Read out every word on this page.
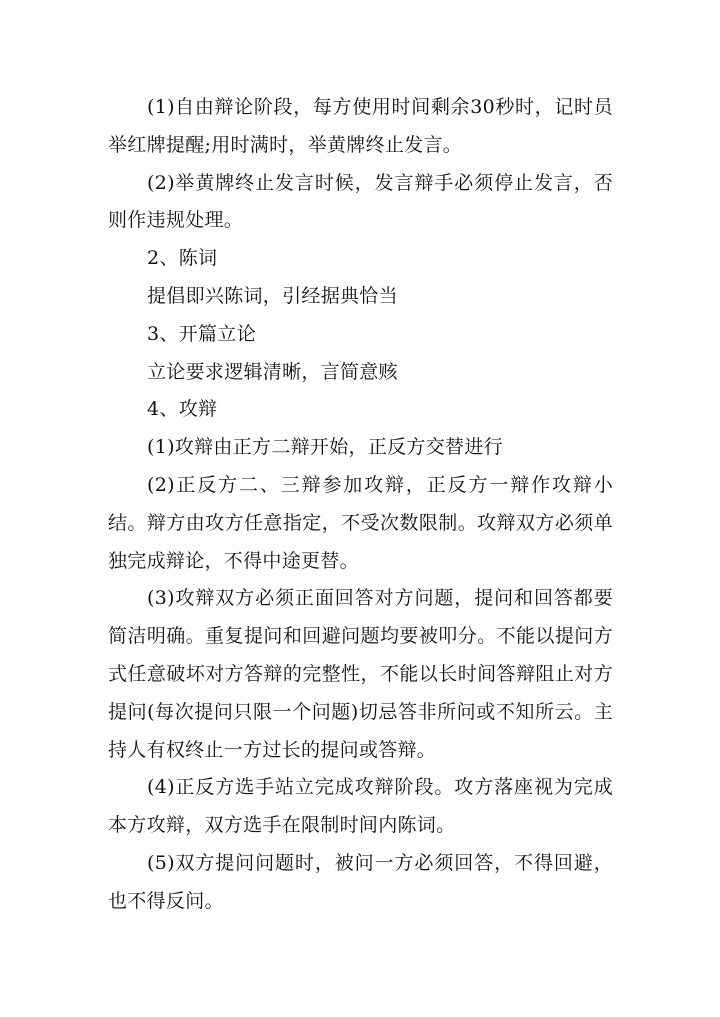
(1)自由辩论阶段，每方使用时间剩余30秒时，记时员举红牌提醒;用时满时，举黄牌终止发言。

(2)举黄牌终止发言时候，发言辩手必须停止发言，否则作违规处理。

2、陈词

提倡即兴陈词，引经据典恰当

3、开篇立论

立论要求逻辑清晰，言简意赅

4、攻辩

(1)攻辩由正方二辩开始，正反方交替进行

(2)正反方二、三辩参加攻辩，正反方一辩作攻辩小结。辩方由攻方任意指定，不受次数限制。攻辩双方必须单独完成辩论，不得中途更替。

(3)攻辩双方必须正面回答对方问题，提问和回答都要简洁明确。重复提问和回避问题均要被叩分。不能以提问方式任意破坏对方答辩的完整性，不能以长时间答辩阻止对方提问(每次提问只限一个问题)切忌答非所问或不知所云。主持人有权终止一方过长的提问或答辩。

(4)正反方选手站立完成攻辩阶段。攻方落座视为完成本方攻辩，双方选手在限制时间内陈词。

(5)双方提问问题时，被问一方必须回答，不得回避，也不得反问。
